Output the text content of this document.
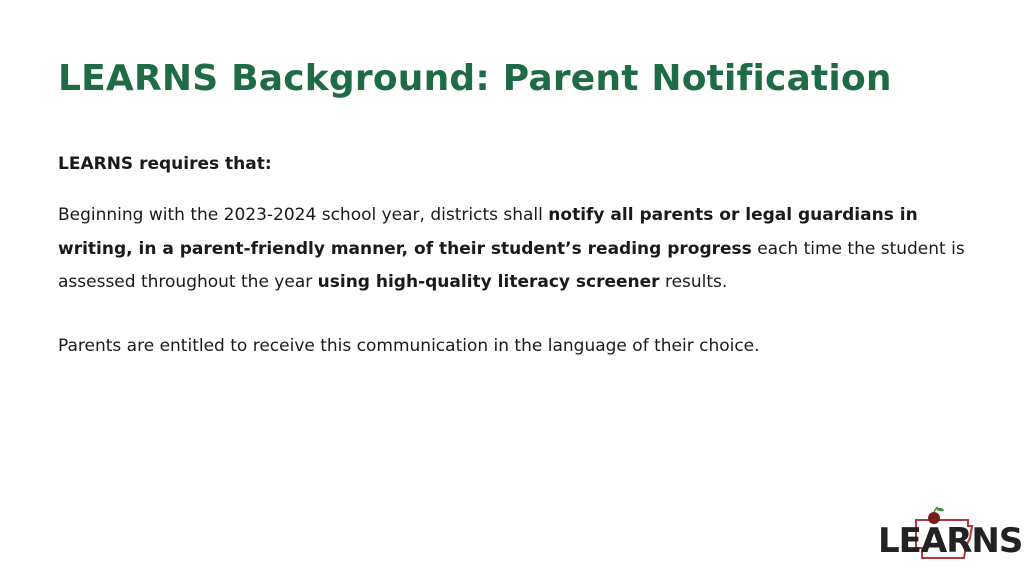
LEARNS Background: Parent Notification

LEARNS requires that:

Beginning with the 2023-2024 school year, districts shall notify all parents or legal guardians in writing, in a parent-friendly manner, of their student’s reading progress each time the student is assessed throughout the year using high-quality literacy screener results.

Parents are entitled to receive this communication in the language of their choice.

LEARNS
